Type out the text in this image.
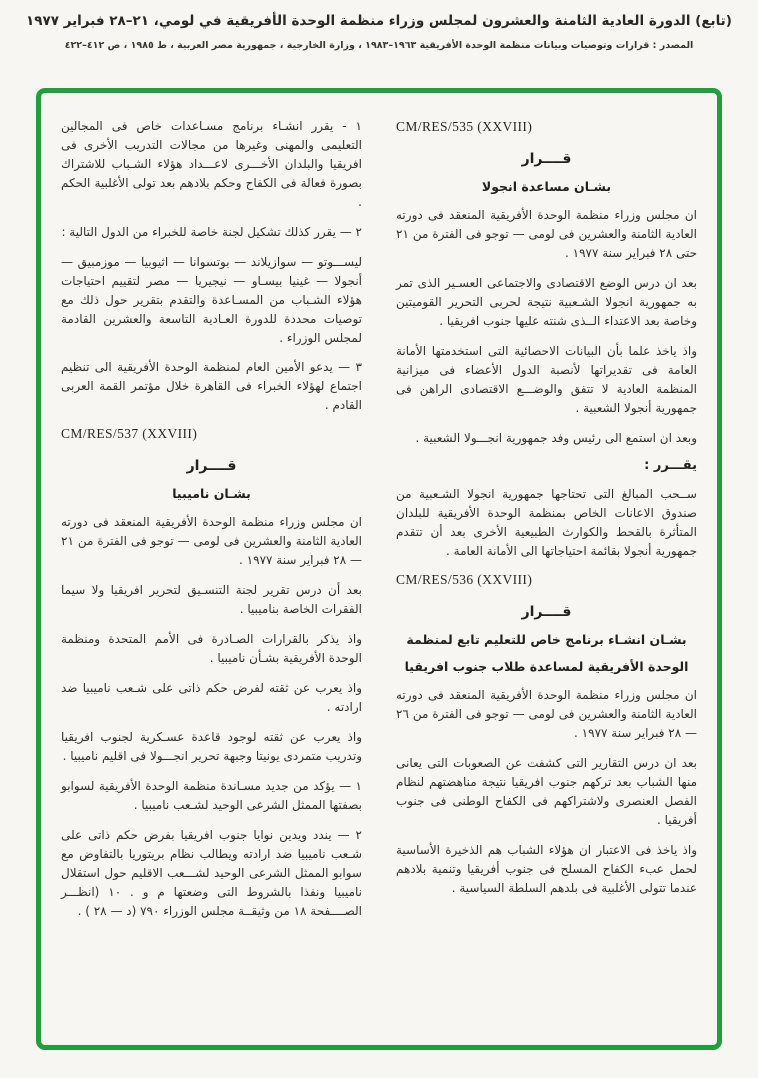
(تابع) الدورة العادية الثامنة والعشرون لمجلس وزراء منظمة الوحدة الأفريقية في لومي، ٢١–٢٨ فبراير ١٩٧٧
المصدر : قرارات وتوصيات وبيانات منظمة الوحدة الأفريقية ١٩٦٣–١٩٨٣ ، وزارة الخارجية ، جمهورية مصر العربية ، ط ١٩٨٥ ، ص ٤١٢–٤٢٢
CM/RES/535 (XXVIII)
قــــرار
بشـان مساعدة انجولا
ان مجلس وزراء منظمة الوحدة الأفريقية المنعقد فى دورته العادية الثامنة والعشرين فى لومى — توجو فى الفترة من ٢١ حتى ٢٨ فبراير سنة ١٩٧٧ .
بعد ان درس الوضع الاقتصادى والاجتماعى العسـير الذى تمر به جمهورية انجولا الشـعبية نتيجة لحربى التحرير القوميتين وخاصة بعد الاعتداء الــذى شنته عليها جنوب افريقيا .
واذ ياخذ علما بأن البيانات الاحصائية التى استخدمتها الأمانة العامة فى تقديراتها لأنصبة الدول الأعضاء فى ميزانية المنظمة العادية لا تتفق والوضـــع الاقتصادى الراهن فى جمهورية أنجولا الشعبية .
وبعد ان استمع الى رئيس وفد جمهورية انجـــولا الشعبية .
يقـــرر :
ســحب المبالغ التى تحتاجها جمهورية انجولا الشـعبية من صندوق الاعانات الخاص بمنظمة الوحدة الأفريقية للبلدان المتأثرة بالقحط والكوارث الطبيعية الأخرى بعد أن تتقدم جمهورية أنجولا بقائمة احتياجاتها الى الأمانة العامة .
CM/RES/536 (XXVIII)
قــــرار
بشـان انشـاء برنامج خاص للتعليم تابع لمنظمة
الوحدة الأفريقية لمساعدة طلاب جنوب افريقيا
ان مجلس وزراء منظمة الوحدة الأفريقية المنعقد فى دورته العادية الثامنة والعشرين فى لومى — توجو فى الفترة من ٢٦ — ٢٨ فبراير سنة ١٩٧٧ .
بعد ان درس التقارير التى كشفت عن الصعوبات التى يعانى منها الشباب بعد تركهم جنوب افريقيا نتيجة مناهضتهم لنظام الفصل العنصرى ولاشتراكهم فى الكفاح الوطنى فى جنوب أفريقيا .
واذ ياخذ فى الاعتبار ان هؤلاء الشباب هم الذخيرة الأساسية لحمل عبء الكفاح المسلح فى جنوب أفريقيا وتنمية بلادهم عندما تتولى الأغلبية فى بلدهم السلطة السياسية .
١ - يقرر انشـاء برنامج مسـاعدات خاص فى المجالين التعليمى والمهنى وغيرها من مجالات التدريب الأخرى فى افريقيا والبلدان الأخـــرى لاعـــداد هؤلاء الشـباب للاشتراك بصورة فعالة فى الكفاح وحكم بلادهم بعد تولى الأغلبية الحكم .
٢ — يقرر كذلك تشكيل لجنة خاصة للخبراء من الدول التالية :
ليســـوتو — سوازيلاند — بوتسوانا — اثيوبيا — موزمبيق — أنجولا — غينيا بيسـاو — نيجيريا — مصر لتقييم احتياجات هؤلاء الشـباب من المسـاعدة والتقدم بتقرير حول ذلك مع توصيات محددة للدورة العـادية التاسعة والعشرين القادمة لمجلس الوزراء .
٣ — يدعو الأمين العام لمنظمة الوحدة الأفريقية الى تنظيم اجتماع لهؤلاء الخبراء فى القاهرة خلال مؤتمر القمة العربى القادم .
CM/RES/537 (XXVIII)
قــــرار
بشـان ناميبيا
ان مجلس وزراء منظمة الوحدة الأفريقية المنعقد فى دورته العادية الثامنة والعشرين فى لومى — توجو فى الفترة من ٢١ — ٢٨ فبراير سنة ١٩٧٧ .
بعد أن درس تقرير لجنة التنسـيق لتحرير افريقيا ولا سيما الفقرات الخاصة بناميبيا .
واذ يذكر بالقرارات الصـادرة فى الأمم المتحدة ومنظمة الوحدة الأفريقية بشـأن ناميبيا .
واذ يعرب عن ثقته لفرض حكم ذاتى على شـعب ناميبيا ضد ارادته .
واذ يعرب عن ثقته لوجود قاعدة عسـكرية لجنوب افريقيا وتدريب متمردى يونيتا وجبهة تحرير انجـــولا فى اقليم ناميبيا .
١ — يؤكد من جديد مسـاندة منظمة الوحدة الأفريقية لسوابو بصفتها الممثل الشرعى الوحيد لشـعب ناميبيا .
٢ — يندد ويدين نوايا جنوب افريقيا بفرض حكم ذاتى على شـعب ناميبيا ضد ارادته ويطالب نظام بريتوريا بالتفاوض مع سوابو الممثل الشرعى الوحيد لشـــعب الاقليم حول استقلال ناميبيا ونفذا بالشروط التى وضعتها م و . ١٠ (انظـــر الصــــفحة ١٨ من وثيقــة مجلس الوزراء ٧٩٠ (د — ٢٨ ) .
